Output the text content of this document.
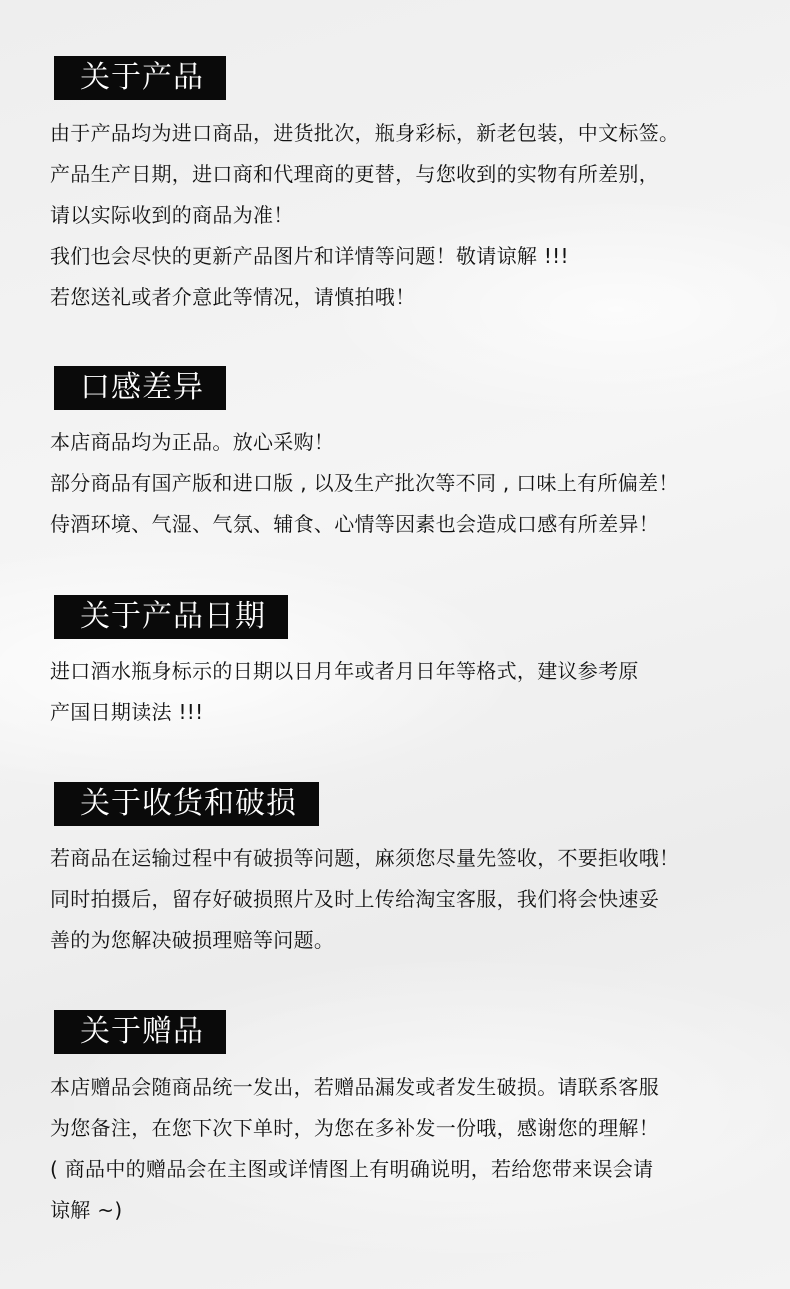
关于产品
由于产品均为进口商品，进货批次，瓶身彩标，新老包装，中文标签。
产品生产日期，进口商和代理商的更替，与您收到的实物有所差别，
请以实际收到的商品为准！
我们也会尽快的更新产品图片和详情等问题！敬请谅解 !!!
若您送礼或者介意此等情况，请慎拍哦！
口感差异
本店商品均为正品。放心采购！
部分商品有国产版和进口版 , 以及生产批次等不同 , 口味上有所偏差！
侍酒环境、气湿、气氛、辅食、心情等因素也会造成口感有所差异！
关于产品日期
进口酒水瓶身标示的日期以日月年或者月日年等格式，建议参考原
产国日期读法 !!!
关于收货和破损
若商品在运输过程中有破损等问题，麻须您尽量先签收，不要拒收哦！
同时拍摄后，留存好破损照片及时上传给淘宝客服，我们将会快速妥
善的为您解决破损理赔等问题。
关于赠品
本店赠品会随商品统一发出，若赠品漏发或者发生破损。请联系客服
为您备注，在您下次下单时，为您在多补发一份哦，感谢您的理解！
( 商品中的赠品会在主图或详情图上有明确说明，若给您带来误会请
谅解 ~)
